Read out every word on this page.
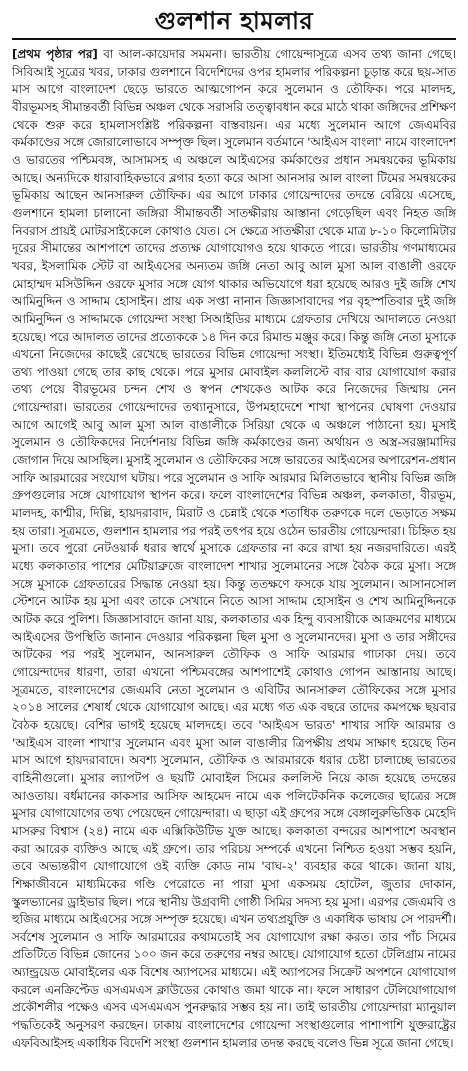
গুলশান হামলার

[প্রথম পৃষ্ঠার পর] বা আল-কায়েদার সমমনা। ভারতীয় গোয়েন্দাসূত্রে এসব তথ্য জানা গেছে। সিবিআই সূত্রের খবর, ঢাকার গুলশানে বিদেশিদের ওপর হামলার পরিকল্পনা চূড়ান্ত করে ছয়-সাত মাস আগে বাংলাদেশ ছেড়ে ভারতে আত্মগোপন করে সুলেমান ও তৌফিক। পরে মালদহ, বীরভূমসহ সীমান্তবর্তী বিভিন্ন অঞ্চল থেকে সরাসরি তত্ত্বাবধান করে মাঠে থাকা জঙ্গিদের প্রশিক্ষণ থেকে শুরু করে হামলাসংশ্লিষ্ট পরিকল্পনা বাস্তবায়ন। এর মধ্যে সুলেমান আগে জেএমবির কর্মকাণ্ডের সঙ্গে জোরালোভাবে সম্পৃক্ত ছিল। সুলেমান বর্তমানে 'আইএস বাংলা' নামে বাংলাদেশ ও ভারতের পশ্চিমবঙ্গ, আসামসহ এ অঞ্চলে আইএসের কর্মকাণ্ডের প্রধান সমন্বয়কের ভূমিকায় আছে। অন্যদিকে ধারাবাহিকভাবে ব্লগার হত্যা করে আসা আনসার আল বাংলা টিমের সমন্বয়কের ভূমিকায় আছেন আনসারুল তৌফিক। এর আগে ঢাকার গোয়েন্দাদের তদন্তে বেরিয়ে এসেছে, গুলশানে হামলা চালানো জঙ্গিরা সীমান্তবর্তী সাতক্ষীরায় আস্তানা গেড়েছিল এবং নিহত জঙ্গি নিবরাস প্রায়ই মোটরসাইকেলে কোথাও যেত। সে ক্ষেত্রে সাতক্ষীরা থেকে মাত্র ৮-১০ কিলোমিটার দূরের সীমান্তের আশপাশে তাদের প্রত্যক্ষ যোগাযোগও হয়ে থাকতে পারে। ভারতীয় গণমাধ্যমের খবর, ইসলামিক স্টেট বা আইএসের অন্যতম জঙ্গি নেতা আবু আল মুসা আল বাঙালী ওরফে মোহাম্মদ মসিউদ্দিন ওরফে মুসার সঙ্গে যোগ থাকার অভিযোগে ধরা হয়েছে আরও দুই জঙ্গি শেখ আমিনুদ্দিন ও সাদ্দাম হোসাইন। প্রায় এক সপ্তা নানান জিজ্ঞাসাবাদের পর বৃহস্পতিবার দুই জঙ্গি আমিনুদ্দিন ও সাদ্দামকে গোয়েন্দা সংস্থা সিআইডির মাধ্যমে গ্রেফতার দেখিয়ে আদালতে নেওয়া হয়েছে। পরে আদালত তাদের প্রত্যেককে ১৪ দিন করে রিমান্ড মঞ্জুর করে। কিন্তু জঙ্গি নেতা মুসাকে এখনো নিজেদের কাছেই রেখেছে ভারতের বিভিন্ন গোয়েন্দা সংস্থা। ইতিমধ্যেই বিভিন্ন গুরুত্বপূর্ণ তথ্য পাওয়া গেছে তার কাছ থেকে। পরে মুসার মোবাইল কললিস্টে বার বার যোগাযোগ করার তথ্য পেয়ে বীরভূমের চন্দন শেখ ও স্বপন শেখকেও আটক করে নিজেদের জিম্মায় নেন গোয়েন্দারা। ভারতের গোয়েন্দাদের তথ্যানুসারে, উপমহাদেশে শাখা স্থাপনের ঘোষণা দেওয়ার আগে আগেই আবু আল মুসা আল বাঙালীকে সিরিয়া থেকে এ অঞ্চলে পাঠানো হয়। মুসাই সুলেমান ও তৌফিকদের নির্দেশনায় বিভিন্ন জঙ্গি কর্মকাণ্ডের জন্য অর্থায়ন ও অস্ত্র-সরঞ্জামাদির জোগান দিয়ে আসছিল। মুসাই সুলেমান ও তৌফিকের সঙ্গে ভারতের আইএসের অপারেশন-প্রধান সাফি আরমারের সংযোগ ঘটায়। পরে সুলেমান ও সাফি আরমার মিলিতভাবে স্থানীয় বিভিন্ন জঙ্গি গ্রুপগুলোর সঙ্গে যোগাযোগ স্থাপন করে। ফলে বাংলাদেশের বিভিন্ন অঞ্চল, কলকাতা, বীরভূম, মালদহ, কাশ্মীর, দিল্লি, হায়দরাবাদ, মিরাট ও চেন্নাই থেকে শতাধিক তরুণকে দলে ভেড়াতে সক্ষম হয় তারা। সূত্রমতে, গুলশান হামলার পর পরই তৎপর হয়ে ওঠেন ভারতীয় গোয়েন্দারা। চিহ্নিত হয় মুসা। তবে পুরো নেটওয়ার্ক ধরার স্বার্থে মুসাকে গ্রেফতার না করে রাখা হয় নজরদারিতে। এরই মধ্যে কলকাতার পাশের মেটিয়াব্রুজে বাংলাদেশ শাখার সুলেমানের সঙ্গে বৈঠক করে মুসা। সঙ্গে সঙ্গে মুসাকে গ্রেফতারের সিদ্ধান্ত নেওয়া হয়। কিন্তু ততক্ষণে ফসকে যায় সুলেমান। আসানসোল স্টেশনে আটক হয় মুসা এবং তাকে সেখানে নিতে আসা সাদ্দাম হোসাইন ও শেখ আমিনুদ্দিনকে আটক করে পুলিশ। জিজ্ঞাসাবাদে জানা যায়, কলকাতার এক হিন্দু ব্যবসায়ীকে আক্রমণের মাধ্যমে আইএসের উপস্থিতি জানান দেওয়ার পরিকল্পনা ছিল মুসা ও সুলেমানদের। মুসা ও তার সঙ্গীদের আটকের পর পরই সুলেমান, আনসারুল তৌফিক ও সাফি আরমার গাঢাকা দেয়। তবে গোয়েন্দাদের ধারণা, তারা এখনো পশ্চিমবঙ্গের আশপাশেই কোথাও গোপন আস্তানায় আছে। সূত্রমতে, বাংলাদেশের জেএমবি নেতা সুলেমান ও এবিটির আনসারুল তৌফিকের সঙ্গে মুসার ২০১৪ সালের শেষার্ধ থেকে যোগাযোগ আছে। এর মধ্যে গত এক বছরে তাদের কমপক্ষে ছয়বার বৈঠক হয়েছে। বেশির ভাগই হয়েছে মালদহে। তবে 'আইএস ভারত' শাখার সাফি আরমার ও 'আইএস বাংলা শাখা'র সুলেমান এবং মুসা আল বাঙালীর ত্রিপক্ষীয় প্রথম সাক্ষাৎ হয়েছে তিন মাস আগে হায়দরাবাদে। অবশ্য সুলেমান, তৌফিক ও আরমারকে ধরার চেষ্টা চালাচ্ছে ভারতের বাহিনীগুলো। মুসার ল্যাপটপ ও ছয়টি মোবাইল সিমের কললিস্ট নিয়ে কাজ হয়েছে তদন্তের আওতায়। বর্ধমানের কাকসার আসিফ আহমেদ নামে এক পলিটেকনিক কলেজের ছাত্রের সঙ্গে মুসার যোগাযোগের তথ্য পেয়েছেন গোয়েন্দারা। এ ছাড়া এই গ্রুপের সঙ্গে বেঙ্গালুরুভিত্তিক মেহেদি মাসরুর বিশ্বাস (২৪) নামে এক এক্সিকিউটিভ যুক্ত আছে। কলকাতা বন্দরের আশপাশে অবস্থান করা আরেক ব্যক্তিও আছে এই গ্রুপে। তার পরিচয় সম্পর্কে এখনো নিশ্চিত হওয়া সম্ভব হয়নি, তবে অভ্যন্তরীণ যোগাযোগে ওই ব্যক্তি কোড নাম 'বাঘ-২' ব্যবহার করে থাকে। জানা যায়, শিক্ষাজীবনে মাধ্যমিকের গণ্ডি পেরোতে না পারা মুসা একসময় হোটেল, জুতার দোকান, স্কুলভ্যানের ড্রাইভার ছিল। পরে স্থানীয় উগ্রবাদী গোষ্ঠী সিমির সদস্য হয় মুসা। এরপর জেএমবি ও হুজির মাধ্যমে আইএসের সঙ্গে সম্পৃক্ত হয়েছে। এখন তথ্যপ্রযুক্তি ও একাধিক ভাষায় সে পারদর্শী। সর্বশেষ সুলেমান ও সাফি আরমারের কথামতোই সব যোগাযোগ রক্ষা করত। তার পাঁচ সিমের প্রতিটিতে বিভিন্ন জোনের ১০০ জন করে তরুণের নম্বর আছে। যোগাযোগ হতো টেলিগ্রাম নামের অ্যান্ড্রয়েড মোবাইলের এক বিশেষ অ্যাপসের মাধ্যমে। এই অ্যাপসের সিক্রেট অপশনে যোগাযোগ করলে এনক্রিপ্টেড এসএমএস ক্লাউডের কোথাও জমা থাকে না। ফলে সাধারণ টেলিযোগাযোগ প্রকৌশলীর পক্ষেও এসব এসএমএস পুনরুদ্ধার সম্ভব হয় না। তাই ভারতীয় গোয়েন্দারা ম্যানুয়াল পদ্ধতিকেই অনুসরণ করছেন। ঢাকায় বাংলাদেশের গোয়েন্দা সংস্থাগুলোর পাশাপাশি যুক্তরাষ্ট্রের এফবিআইসহ একাধিক বিদেশি সংস্থা গুলশান হামলার তদন্ত করছে বলেও ভিন্ন সূত্রে জানা গেছে।
